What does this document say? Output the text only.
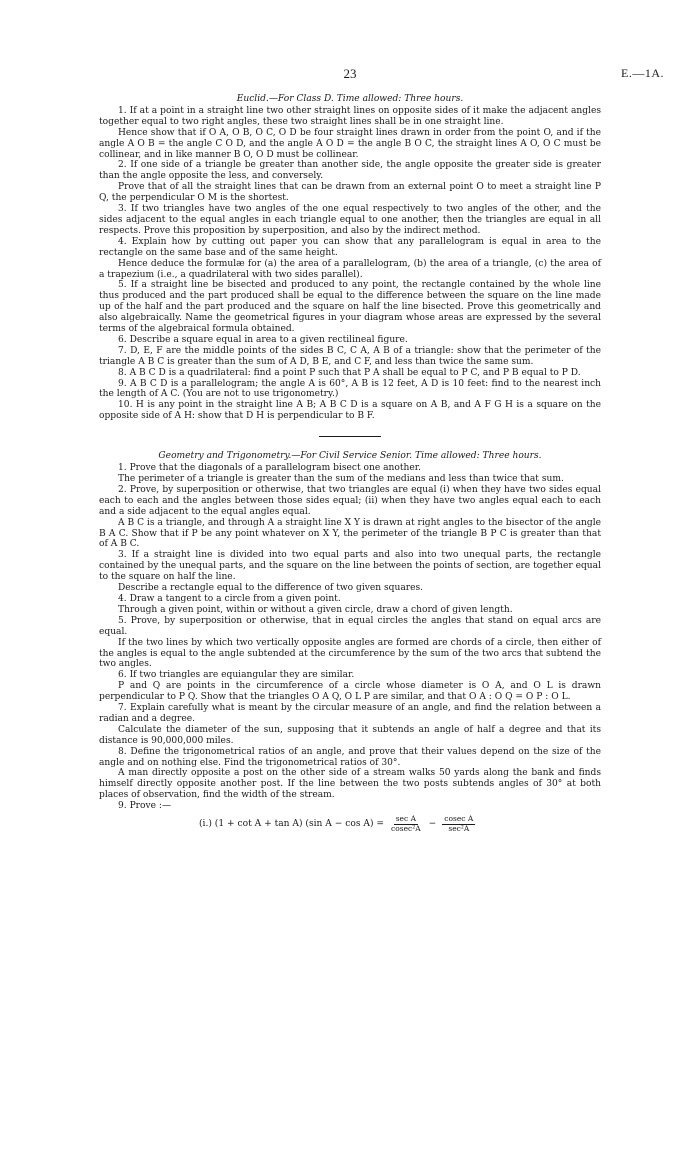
23	E.—1A.

Euclid.—For Class D. Time allowed: Three hours.

1. If at a point in a straight line two other straight lines on opposite sides of it make the adjacent angles together equal to two right angles, these two straight lines shall be in one straight line.

Hence show that if O A, O B, O C, O D be four straight lines drawn in order from the point O, and if the angle A O B = the angle C O D, and the angle A O D = the angle B O C, the straight lines A O, O C must be collinear, and in like manner B O, O D must be collinear.

2. If one side of a triangle be greater than another side, the angle opposite the greater side is greater than the angle opposite the less, and conversely.

Prove that of all the straight lines that can be drawn from an external point O to meet a straight line P Q, the perpendicular O M is the shortest.

3. If two triangles have two angles of the one equal respectively to two angles of the other, and the sides adjacent to the equal angles in each triangle equal to one another, then the triangles are equal in all respects. Prove this proposition by superposition, and also by the indirect method.

4. Explain how by cutting out paper you can show that any parallelogram is equal in area to the rectangle on the same base and of the same height.

Hence deduce the formulæ for (a) the area of a parallelogram, (b) the area of a triangle, (c) the area of a trapezium (i.e., a quadrilateral with two sides parallel).

5. If a straight line be bisected and produced to any point, the rectangle contained by the whole line thus produced and the part produced shall be equal to the difference between the square on the line made up of the half and the part produced and the square on half the line bisected. Prove this geometrically and also algebraically. Name the geometrical figures in your diagram whose areas are expressed by the several terms of the algebraical formula obtained.

6. Describe a square equal in area to a given rectilineal figure.

7. D, E, F are the middle points of the sides B C, C A, A B of a triangle: show that the perimeter of the triangle A B C is greater than the sum of A D, B E, and C F, and less than twice the same sum.

8. A B C D is a quadrilateral: find a point P such that P A shall be equal to P C, and P B equal to P D.

9. A B C D is a parallelogram; the angle A is 60°, A B is 12 feet, A D is 10 feet: find to the nearest inch the length of A C. (You are not to use trigonometry.)

10. H is any point in the straight line A B; A B C D is a square on A B, and A F G H is a square on the opposite side of A H: show that D H is perpendicular to B F.

Geometry and Trigonometry.—For Civil Service Senior. Time allowed: Three hours.

1. Prove that the diagonals of a parallelogram bisect one another.

The perimeter of a triangle is greater than the sum of the medians and less than twice that sum.

2. Prove, by superposition or otherwise, that two triangles are equal (i) when they have two sides equal each to each and the angles between those sides equal; (ii) when they have two angles equal each to each and a side adjacent to the equal angles equal.

A B C is a triangle, and through A a straight line X Y is drawn at right angles to the bisector of the angle B A C. Show that if P be any point whatever on X Y, the perimeter of the triangle B P C is greater than that of A B C.

3. If a straight line is divided into two equal parts and also into two unequal parts, the rectangle contained by the unequal parts, and the square on the line between the points of section, are together equal to the square on half the line.

Describe a rectangle equal to the difference of two given squares.

4. Draw a tangent to a circle from a given point.

Through a given point, within or without a given circle, draw a chord of given length.

5. Prove, by superposition or otherwise, that in equal circles the angles that stand on equal arcs are equal.

If the two lines by which two vertically opposite angles are formed are chords of a circle, then either of the angles is equal to the angle subtended at the circumference by the sum of the two arcs that subtend the two angles.

6. If two triangles are equiangular they are similar.

P and Q are points in the circumference of a circle whose diameter is O A, and O L is drawn perpendicular to P Q. Show that the triangles O A Q, O L P are similar, and that O A : O Q = O P : O L.

7. Explain carefully what is meant by the circular measure of an angle, and find the relation between a radian and a degree.

Calculate the diameter of the sun, supposing that it subtends an angle of half a degree and that its distance is 90,000,000 miles.

8. Define the trigonometrical ratios of an angle, and prove that their values depend on the size of the angle and on nothing else. Find the trigonometrical ratios of 30°.

A man directly opposite a post on the other side of a stream walks 50 yards along the bank and finds himself directly opposite another post. If the line between the two posts subtends angles of 30° at both places of observation, find the width of the stream.

9. Prove :—

(i.) (1 + cot A + tan A) (sin $A - \cos A) = \frac{\text{sec A}}{\text{cosec²A}} - \frac{\text{cosec A}}{\text{sec²A}}$
